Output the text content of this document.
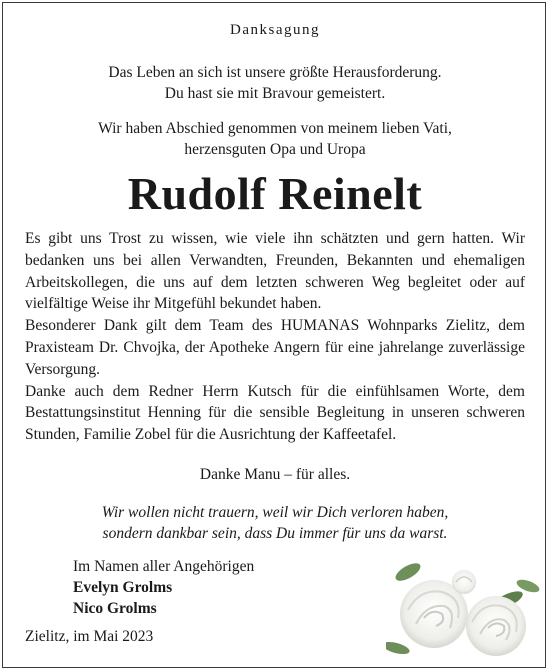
Danksagung
Das Leben an sich ist unsere größte Herausforderung.
Du hast sie mit Bravour gemeistert.
Wir haben Abschied genommen von meinem lieben Vati,
herzensguten Opa und Uropa
Rudolf Reinelt

Es gibt uns Trost zu wissen, wie viele ihn schätzten und gern hatten. Wir bedanken uns bei allen Verwandten, Freunden, Bekannten und ehemaligen Arbeitskollegen, die uns auf dem letzten schweren Weg begleitet oder auf vielfältige Weise ihr Mitgefühl bekundet haben.

Besonderer Dank gilt dem Team des HUMANAS Wohnparks Zielitz, dem Praxisteam Dr. Chvojka, der Apotheke Angern für eine jahrelange zuverlässige Versorgung.

Danke auch dem Redner Herrn Kutsch für die einfühlsamen Worte, dem Bestattungsinstitut Henning für die sensible Begleitung in unseren schweren Stunden, Familie Zobel für die Ausrichtung der Kaffeetafel.

Danke Manu – für alles.
Wir wollen nicht trauern, weil wir Dich verloren haben,
sondern dankbar sein, dass Du immer für uns da warst.
Im Namen aller Angehörigen
Evelyn Grolms
Nico Grolms
Zielitz, im Mai 2023
